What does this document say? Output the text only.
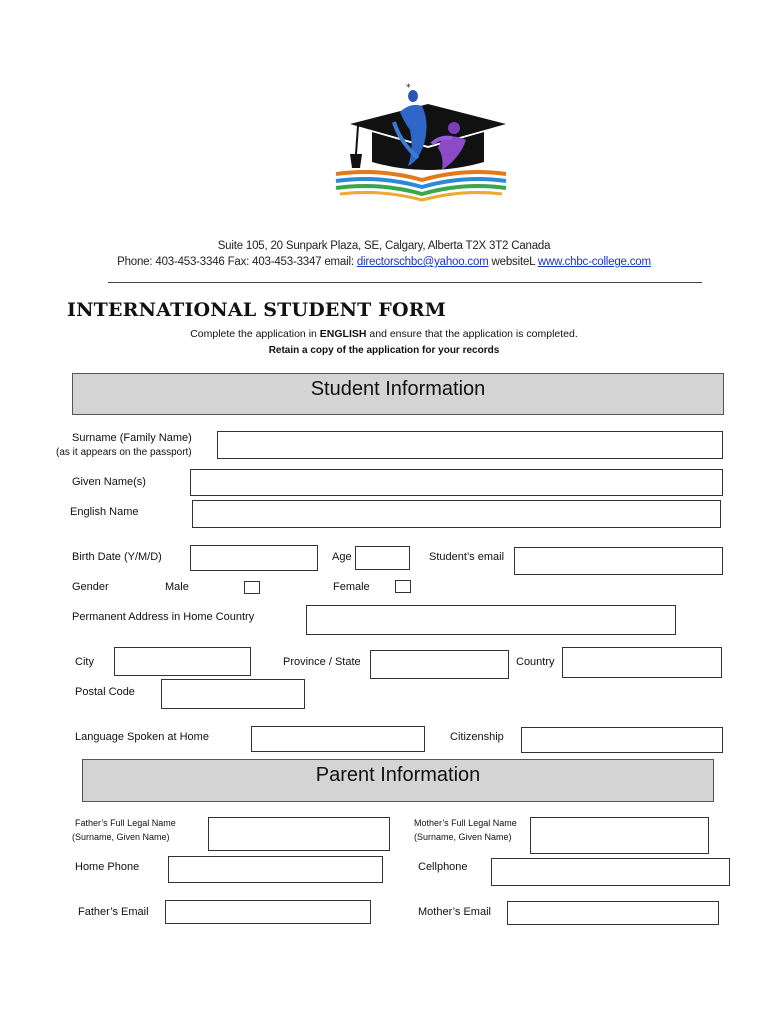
*
Suite 105, 20 Sunpark Plaza, SE, Calgary, Alberta T2X 3T2 Canada
Phone: 403-453-3346 Fax: 403-453-3347 email: directorschbc@yahoo.com websiteL www.chbc-college.com
INTERNATIONAL STUDENT FORM
Complete the application in ENGLISH and ensure that the application is completed.
Retain a copy of the application for your records
Student Information
Surname (Family Name)
(as it appears on the passport)
Given Name(s)
English Name
Birth Date (Y/M/D)	Age	Student’s email
Gender	Male	Female
Permanent Address in Home Country
City	Province / State	Country
Postal Code
Language Spoken at Home	Citizenship
Parent Information
Father’s Full Legal Name
(Surname, Given Name)
Mother’s Full Legal Name
(Surname, Given Name)
Home Phone	Cellphone
Father’s Email	Mother’s Email
